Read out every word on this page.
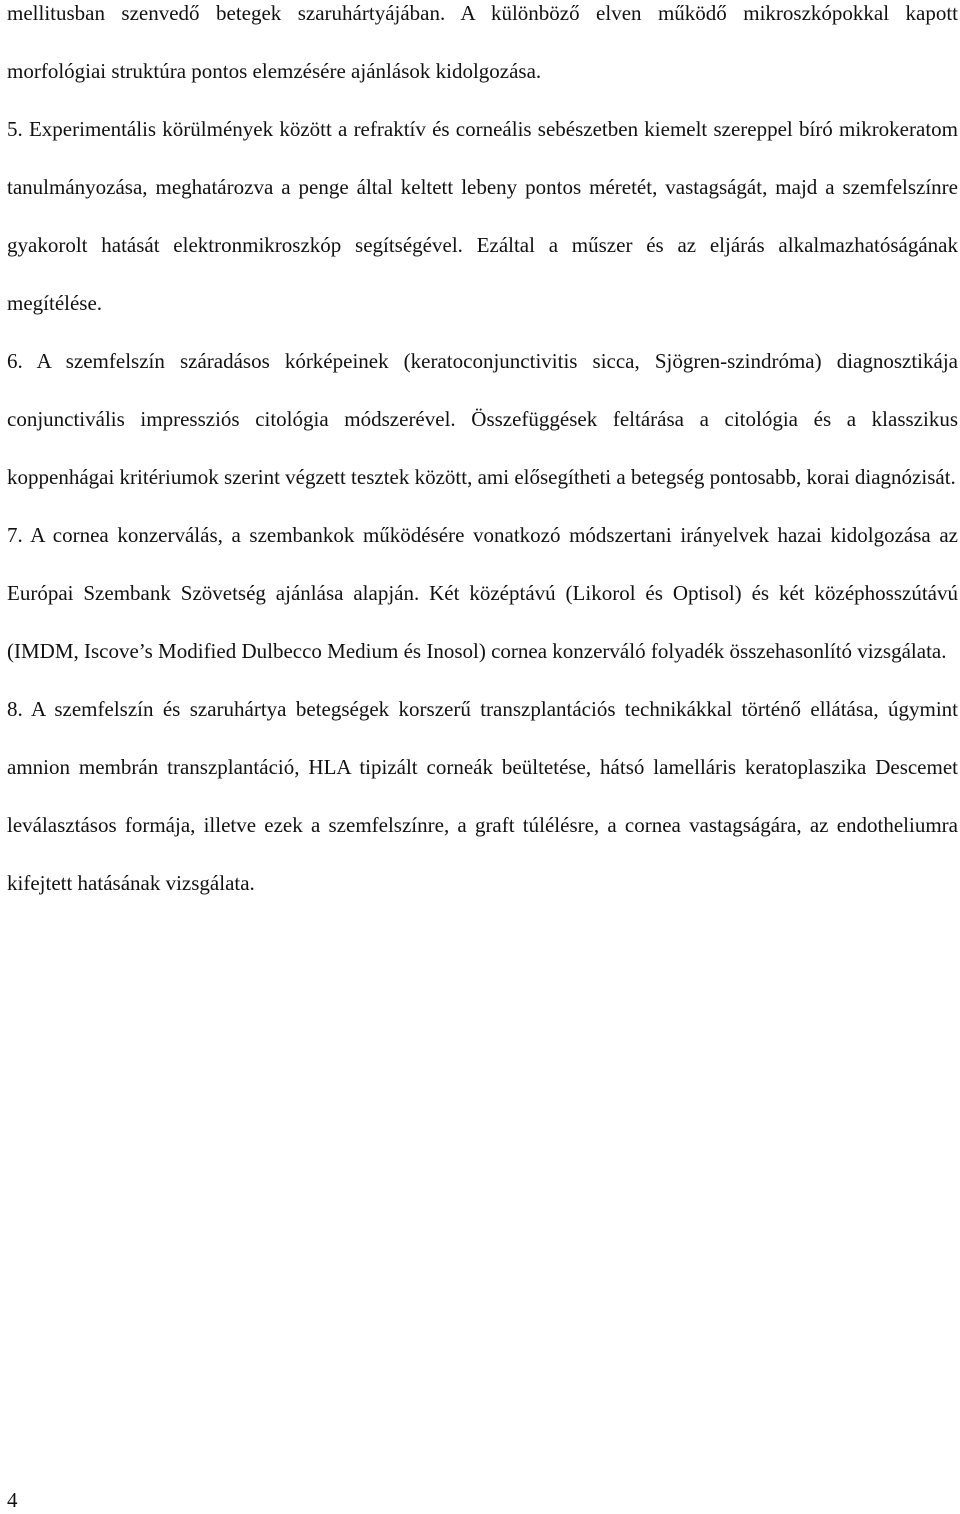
mellitusban szenvedő betegek szaruhártyájában. A különböző elven működő mikroszkópokkal kapott morfológiai struktúra pontos elemzésére ajánlások kidolgozása.

5. Experimentális körülmények között a refraktív és corneális sebészetben kiemelt szereppel bíró mikrokeratom tanulmányozása, meghatározva a penge által keltett lebeny pontos méretét, vastagságát, majd a szemfelszínre gyakorolt hatását elektronmikroszkóp segítségével. Ezáltal a műszer és az eljárás alkalmazhatóságának megítélése.

6. A szemfelszín száradásos kórképeinek (keratoconjunctivitis sicca, Sjögren-szindróma) diagnosztikája conjunctivális impressziós citológia módszerével. Összefüggések feltárása a citológia és a klasszikus koppenhágai kritériumok szerint végzett tesztek között, ami elősegítheti a betegség pontosabb, korai diagnózisát.

7. A cornea konzerválás, a szembankok működésére vonatkozó módszertani irányelvek hazai kidolgozása az Európai Szembank Szövetség ajánlása alapján. Két középtávú (Likorol és Optisol) és két középhosszútávú (IMDM, Iscove’s Modified Dulbecco Medium és Inosol) cornea konzerváló folyadék összehasonlító vizsgálata.

8. A szemfelszín és szaruhártya betegségek korszerű transzplantációs technikákkal történő ellátása, úgymint amnion membrán transzplantáció, HLA tipizált corneák beültetése, hátsó lamelláris keratoplaszika Descemet leválasztásos formája, illetve ezek a szemfelszínre, a graft túlélésre, a cornea vastagságára, az endotheliumra kifejtett hatásának vizsgálata.

4
